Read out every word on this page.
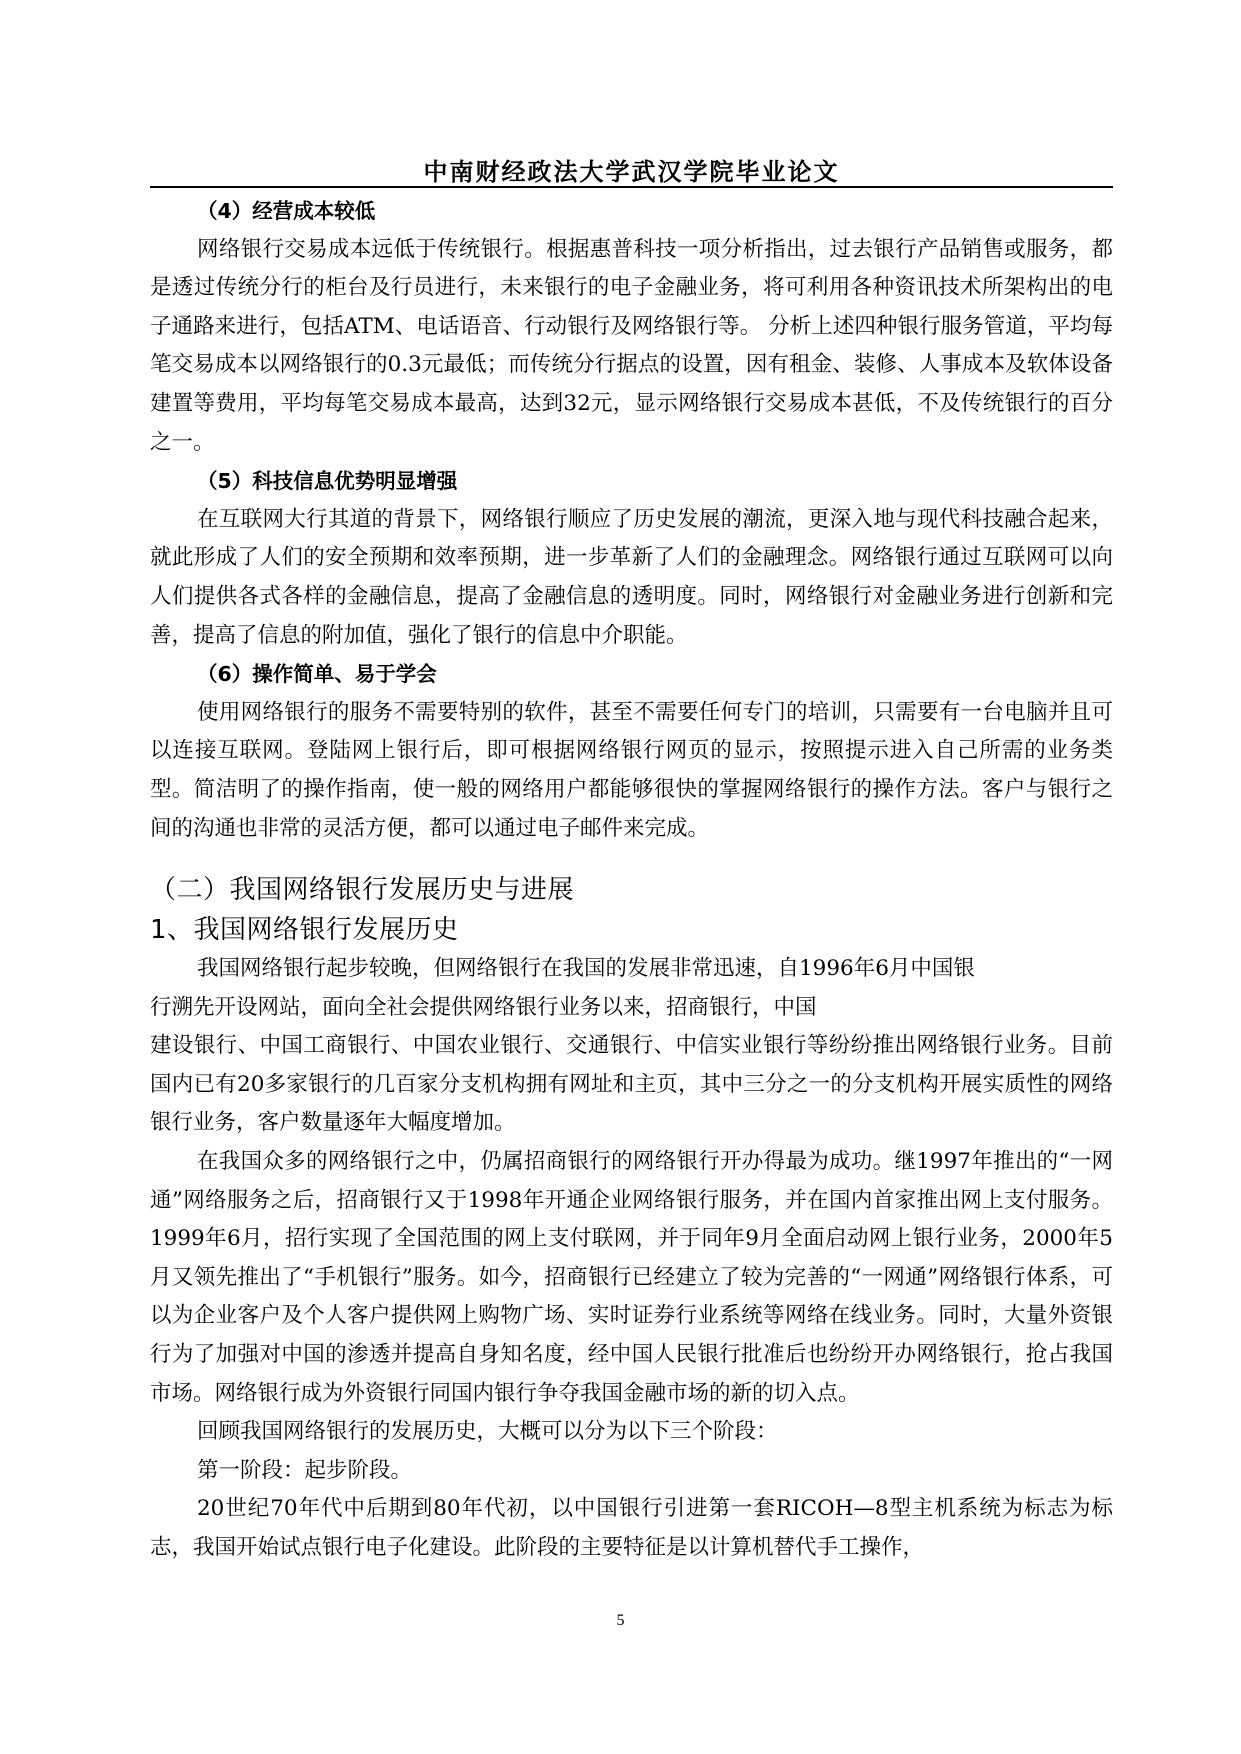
中南财经政法大学武汉学院毕业论文

（4）经营成本较低

网络银行交易成本远低于传统银行。根据惠普科技一项分析指出，过去银行产品销售或服务，都是透过传统分行的柜台及行员进行，未来银行的电子金融业务，将可利用各种资讯技术所架构出的电子通路来进行，包括ATM、电话语音、行动银行及网络银行等。 分析上述四种银行服务管道，平均每笔交易成本以网络银行的0.3元最低；而传统分行据点的设置，因有租金、装修、人事成本及软体设备建置等费用，平均每笔交易成本最高，达到32元，显示网络银行交易成本甚低，不及传统银行的百分之一。

（5）科技信息优势明显增强

在互联网大行其道的背景下，网络银行顺应了历史发展的潮流，更深入地与现代科技融合起来，就此形成了人们的安全预期和效率预期，进一步革新了人们的金融理念。网络银行通过互联网可以向人们提供各式各样的金融信息，提高了金融信息的透明度。同时，网络银行对金融业务进行创新和完善，提高了信息的附加值，强化了银行的信息中介职能。

（6）操作简单、易于学会

使用网络银行的服务不需要特别的软件，甚至不需要任何专门的培训，只需要有一台电脑并且可以连接互联网。登陆网上银行后，即可根据网络银行网页的显示，按照提示进入自己所需的业务类型。简洁明了的操作指南，使一般的网络用户都能够很快的掌握网络银行的操作方法。客户与银行之间的沟通也非常的灵活方便，都可以通过电子邮件来完成。

（二）我国网络银行发展历史与进展

1、我国网络银行发展历史

我国网络银行起步较晚，但网络银行在我国的发展非常迅速，自1996年6月中国银

行溯先开设网站，面向全社会提供网络银行业务以来，招商银行，中国

建设银行、中国工商银行、中国农业银行、交通银行、中信实业银行等纷纷推出网络银行业务。目前国内已有20多家银行的几百家分支机构拥有网址和主页，其中三分之一的分支机构开展实质性的网络银行业务，客户数量逐年大幅度增加。

在我国众多的网络银行之中，仍属招商银行的网络银行开办得最为成功。继1997年推出的“一网通”网络服务之后，招商银行又于1998年开通企业网络银行服务，并在国内首家推出网上支付服务。1999年6月，招行实现了全国范围的网上支付联网，并于同年9月全面启动网上银行业务，2000年5月又领先推出了“手机银行”服务。如今，招商银行已经建立了较为完善的“一网通”网络银行体系，可以为企业客户及个人客户提供网上购物广场、实时证券行业系统等网络在线业务。同时，大量外资银行为了加强对中国的渗透并提高自身知名度，经中国人民银行批准后也纷纷开办网络银行，抢占我国市场。网络银行成为外资银行同国内银行争夺我国金融市场的新的切入点。

回顾我国网络银行的发展历史，大概可以分为以下三个阶段：

第一阶段：起步阶段。

20世纪70年代中后期到80年代初，以中国银行引进第一套RICOH—8型主机系统为标志为标志，我国开始试点银行电子化建设。此阶段的主要特征是以计算机替代手工操作，

5
